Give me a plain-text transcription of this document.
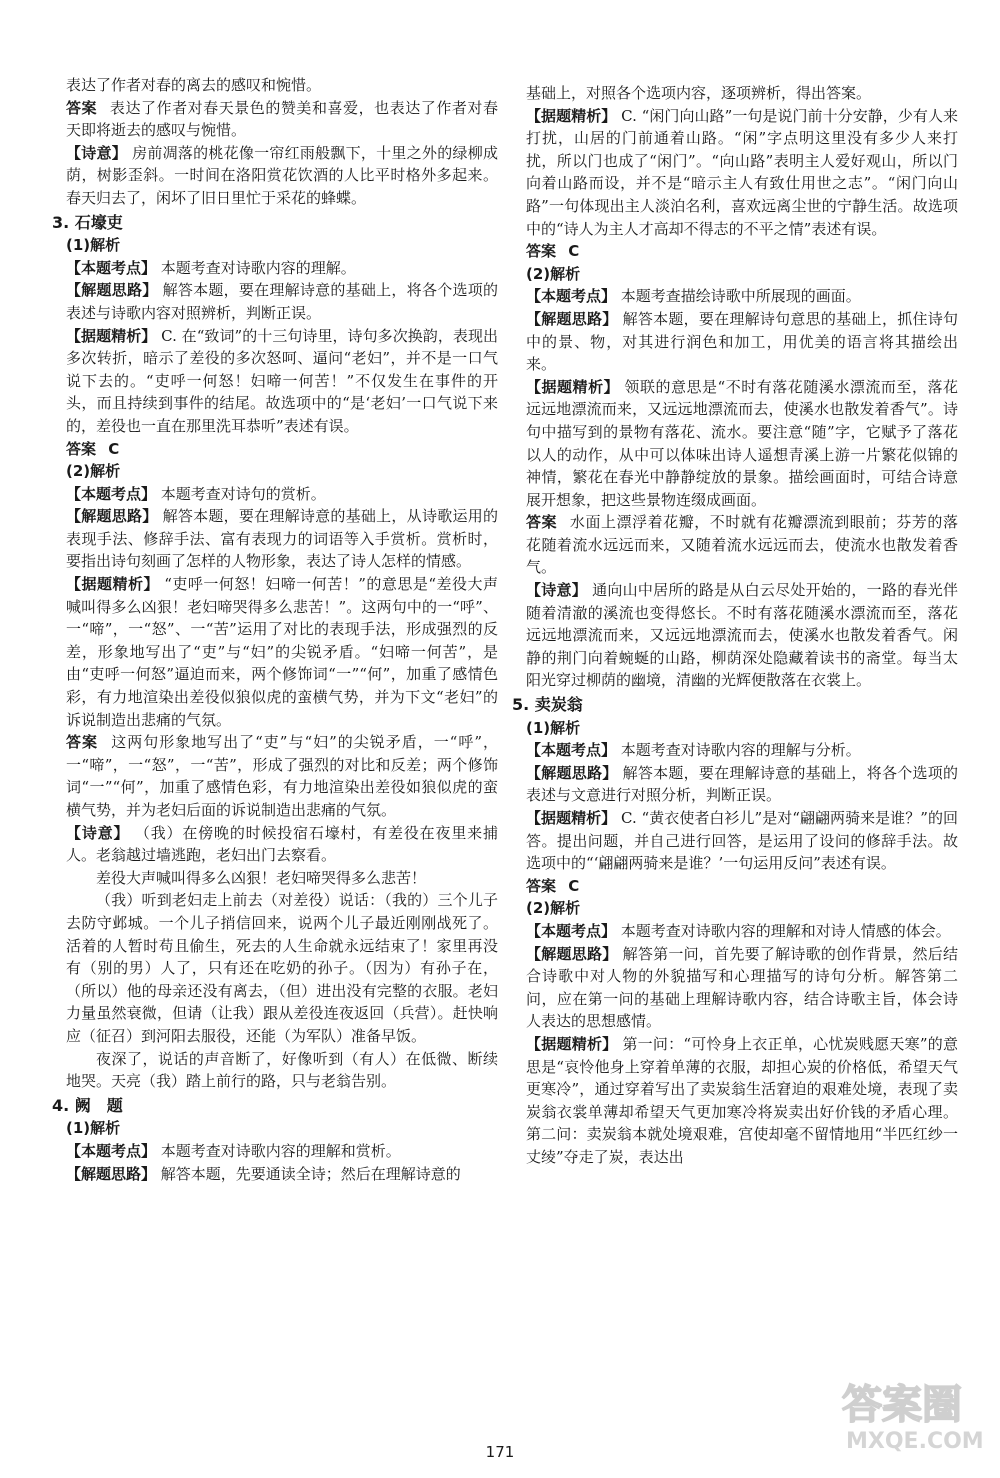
表达了作者对春的离去的感叹和惋惜。

答案  表达了作者对春天景色的赞美和喜爱，也表达了作者对春天即将逝去的感叹与惋惜。

【诗意】 房前凋落的桃花像一帘红雨般飘下，十里之外的绿柳成荫，树影歪斜。一时间在洛阳赏花饮酒的人比平时格外多起来。春天归去了，闲坏了旧日里忙于采花的蜂蝶。

3. 石壕吏

(1)解析

【本题考点】 本题考查对诗歌内容的理解。

【解题思路】 解答本题，要在理解诗意的基础上，将各个选项的表述与诗歌内容对照辨析，判断正误。

【据题精析】 C. 在“致词”的十三句诗里，诗句多次换韵，表现出多次转折，暗示了差役的多次怒呵、逼问“老妇”，并不是一口气说下去的。“吏呼一何怒！妇啼一何苦！”不仅发生在事件的开头，而且持续到事件的结尾。故选项中的“是‘老妇’一口气说下来的，差役也一直在那里洗耳恭听”表述有误。

答案  C

(2)解析

【本题考点】 本题考查对诗句的赏析。

【解题思路】 解答本题，要在理解诗意的基础上，从诗歌运用的表现手法、修辞手法、富有表现力的词语等入手赏析。赏析时，要指出诗句刻画了怎样的人物形象，表达了诗人怎样的情感。

【据题精析】 “吏呼一何怒！妇啼一何苦！”的意思是“差役大声喊叫得多么凶狠！老妇啼哭得多么悲苦！”。这两句中的一“呼”、一“啼”，一“怒”、一“苦”运用了对比的表现手法，形成强烈的反差，形象地写出了“吏”与“妇”的尖锐矛盾。“妇啼一何苦”，是由“吏呼一何怒”逼迫而来，两个修饰词“一”“何”，加重了感情色彩，有力地渲染出差役似狼似虎的蛮横气势，并为下文“老妇”的诉说制造出悲痛的气氛。

答案  这两句形象地写出了“吏”与“妇”的尖锐矛盾，一“呼”，一“啼”，一“怒”，一“苦”，形成了强烈的对比和反差；两个修饰词“一”“何”，加重了感情色彩，有力地渲染出差役如狼似虎的蛮横气势，并为老妇后面的诉说制造出悲痛的气氛。

【诗意】 （我）在傍晚的时候投宿石壕村，有差役在夜里来捕人。老翁越过墙逃跑，老妇出门去察看。

差役大声喊叫得多么凶狠！老妇啼哭得多么悲苦！

（我）听到老妇走上前去（对差役）说话：（我的）三个儿子去防守邺城。一个儿子捎信回来，说两个儿子最近刚刚战死了。活着的人暂时苟且偷生，死去的人生命就永远结束了！家里再没有（别的男）人了，只有还在吃奶的孙子。（因为）有孙子在，（所以）他的母亲还没有离去，（但）进出没有完整的衣服。老妇力量虽然衰微，但请（让我）跟从差役连夜返回（兵营）。赶快响应（征召）到河阳去服役，还能（为军队）准备早饭。

夜深了，说话的声音断了，好像听到（有人）在低微、断续地哭。天亮（我）踏上前行的路，只与老翁告别。

4. 阙　题

(1)解析

【本题考点】 本题考查对诗歌内容的理解和赏析。

【解题思路】 解答本题，先要通读全诗；然后在理解诗意的

基础上，对照各个选项内容，逐项辨析，得出答案。

【据题精析】 C. “闲门向山路”一句是说门前十分安静，少有人来打扰，山居的门前通着山路。“闲”字点明这里没有多少人来打扰，所以门也成了“闲门”。“向山路”表明主人爱好观山，所以门向着山路而设，并不是“暗示主人有致仕用世之志”。“闲门向山路”一句体现出主人淡泊名利，喜欢远离尘世的宁静生活。故选项中的“诗人为主人才高却不得志的不平之情”表述有误。

答案  C

(2)解析

【本题考点】 本题考查描绘诗歌中所展现的画面。

【解题思路】 解答本题，要在理解诗句意思的基础上，抓住诗句中的景、物，对其进行润色和加工，用优美的语言将其描绘出来。

【据题精析】 领联的意思是“不时有落花随溪水漂流而至，落花远远地漂流而来，又远远地漂流而去，使溪水也散发着香气”。诗句中描写到的景物有落花、流水。要注意“随”字，它赋予了落花以人的动作，从中可以体味出诗人遥想青溪上游一片繁花似锦的神情，繁花在春光中静静绽放的景象。描绘画面时，可结合诗意展开想象，把这些景物连缀成画面。

答案  水面上漂浮着花瓣，不时就有花瓣漂流到眼前；芬芳的落花随着流水远远而来，又随着流水远远而去，使流水也散发着香气。

【诗意】 通向山中居所的路是从白云尽处开始的，一路的春光伴随着清澈的溪流也变得悠长。不时有落花随溪水漂流而至，落花远远地漂流而来，又远远地漂流而去，使溪水也散发着香气。闲静的荆门向着蜿蜒的山路，柳荫深处隐藏着读书的斋堂。每当太阳光穿过柳荫的幽境，清幽的光辉便散落在衣裳上。

5. 卖炭翁

(1)解析

【本题考点】 本题考查对诗歌内容的理解与分析。

【解题思路】 解答本题，要在理解诗意的基础上，将各个选项的表述与文意进行对照分析，判断正误。

【据题精析】 C. “黄衣使者白衫儿”是对“翩翩两骑来是谁？”的回答。提出问题，并自己进行回答，是运用了设问的修辞手法。故选项中的“‘翩翩两骑来是谁？’一句运用反问”表述有误。

答案  C

(2)解析

【本题考点】 本题考查对诗歌内容的理解和对诗人情感的体会。

【解题思路】 解答第一问，首先要了解诗歌的创作背景，然后结合诗歌中对人物的外貌描写和心理描写的诗句分析。解答第二问，应在第一问的基础上理解诗歌内容，结合诗歌主旨，体会诗人表达的思想感情。

【据题精析】 第一问：“可怜身上衣正单，心忧炭贱愿天寒”的意思是“哀怜他身上穿着单薄的衣服，却担心炭的价格低，希望天气更寒冷”，通过穿着写出了卖炭翁生活窘迫的艰难处境，表现了卖炭翁衣裳单薄却希望天气更加寒冷将炭卖出好价钱的矛盾心理。第二问：卖炭翁本就处境艰难，宫使却毫不留情地用“半匹红纱一丈绫”夺走了炭，表达出

171
答案圈
MXQE.COM
